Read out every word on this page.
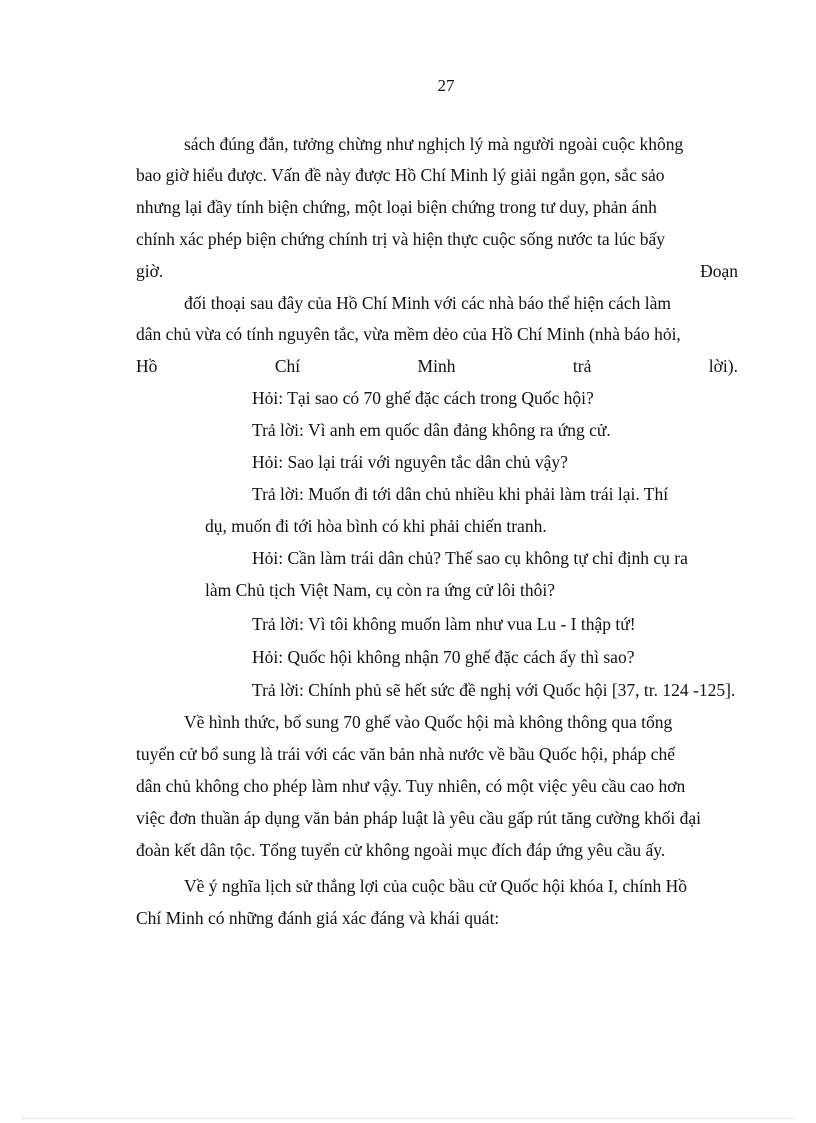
27
sách đúng đắn, tưởng chừng như nghịch lý mà người ngoài cuộc không
bao giờ hiểu được. Vấn đề này được Hồ Chí Minh lý giải ngắn gọn, sắc sảo
nhưng lại đầy tính biện chứng, một loại biện chứng trong tư duy, phản ánh
chính xác phép biện chứng chính trị và hiện thực cuộc sống nước ta lúc bấy
giờ.	Đoạn
đối thoại sau đây của Hồ Chí Minh với các nhà báo thể hiện cách làm
dân chủ vừa có tính nguyên tắc, vừa mềm dẻo của Hồ Chí Minh (nhà báo hỏi,
Hồ	Chí	Minh	trả	lời).
Hỏi: Tại sao có 70 ghế đặc cách trong Quốc hội?
Trả lời: Vì anh em quốc dân đảng không ra ứng cử.
Hỏi: Sao lại trái với nguyên tắc dân chủ vậy?
Trả lời: Muốn đi tới dân chủ nhiều khi phải làm trái lại. Thí
dụ, muốn đi tới hòa bình có khi phải chiến tranh.
Hỏi: Cần làm trái dân chủ? Thế sao cụ không tự chỉ định cụ ra
làm Chủ tịch Việt Nam, cụ còn ra ứng cử lôi thôi?
Trả lời: Vì tôi không muốn làm như vua Lu - I thập tứ!
Hỏi: Quốc hội không nhận 70 ghế đặc cách ấy thì sao?
Trả lời: Chính phủ sẽ hết sức đề nghị với Quốc hội [37, tr. 124 -125].
Về hình thức, bổ sung 70 ghế vào Quốc hội mà không thông qua tổng
tuyển cử bổ sung là trái với các văn bản nhà nước về bầu Quốc hội, pháp chế
dân chủ không cho phép làm như vậy. Tuy nhiên, có một việc yêu cầu cao hơn
việc đơn thuần áp dụng văn bản pháp luật là yêu cầu gấp rút tăng cường khối đại
đoàn kết dân tộc. Tổng tuyển cử không ngoài mục đích đáp ứng yêu cầu ấy.
Về ý nghĩa lịch sử thắng lợi của cuộc bầu cử Quốc hội khóa I, chính Hồ
Chí Minh có những đánh giá xác đáng và khái quát:
